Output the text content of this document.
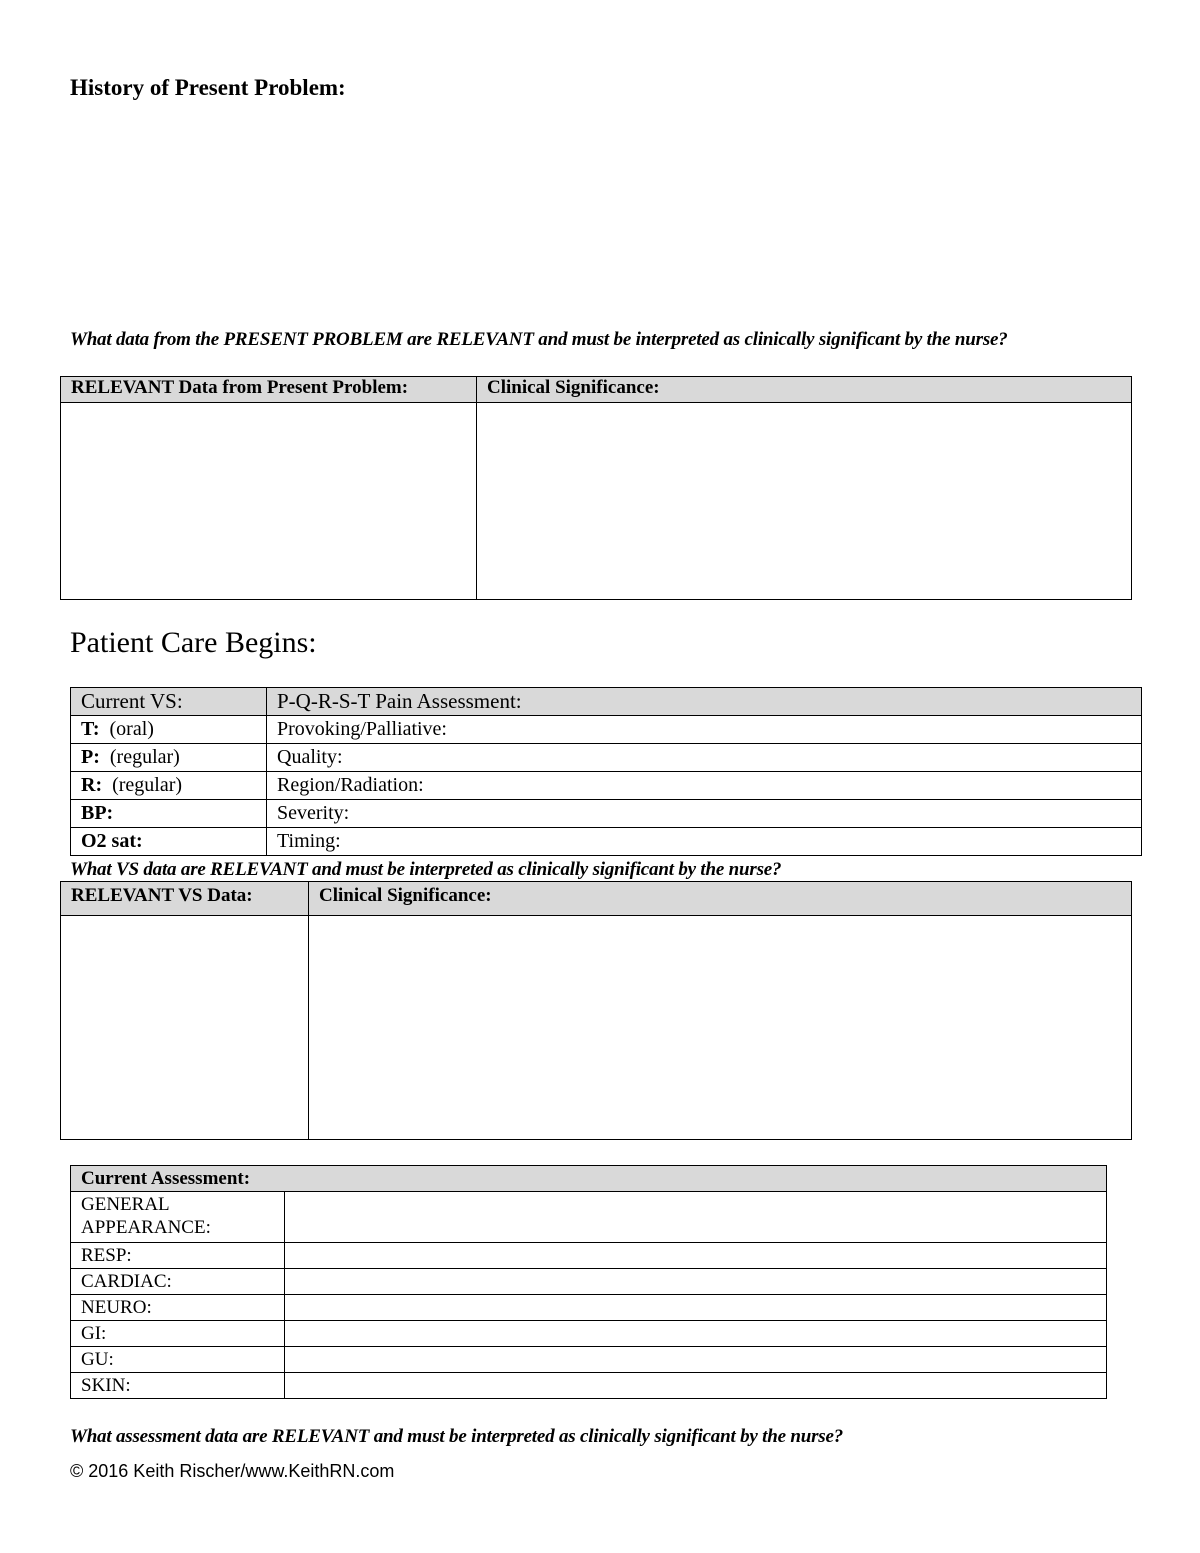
History of Present Problem:
What data from the PRESENT PROBLEM are RELEVANT and must be interpreted as clinically significant by the nurse?
RELEVANT Data from Present Problem:	Clinical Significance:

Patient Care Begins:
Current VS:	P-Q-R-S-T Pain Assessment:
T: (oral)	Provoking/Palliative:
P: (regular)	Quality:
R: (regular)	Region/Radiation:
BP:	Severity:
O2 sat:	Timing:
What VS data are RELEVANT and must be interpreted as clinically significant by the nurse?
RELEVANT VS Data:	Clinical Significance:

Current Assessment:	
GENERAL APPEARANCE:	
RESP:	
CARDIAC:	
NEURO:	
GI:	
GU:	
SKIN:	
What assessment data are RELEVANT and must be interpreted as clinically significant by the nurse?
© 2016 Keith Rischer/www.KeithRN.com
